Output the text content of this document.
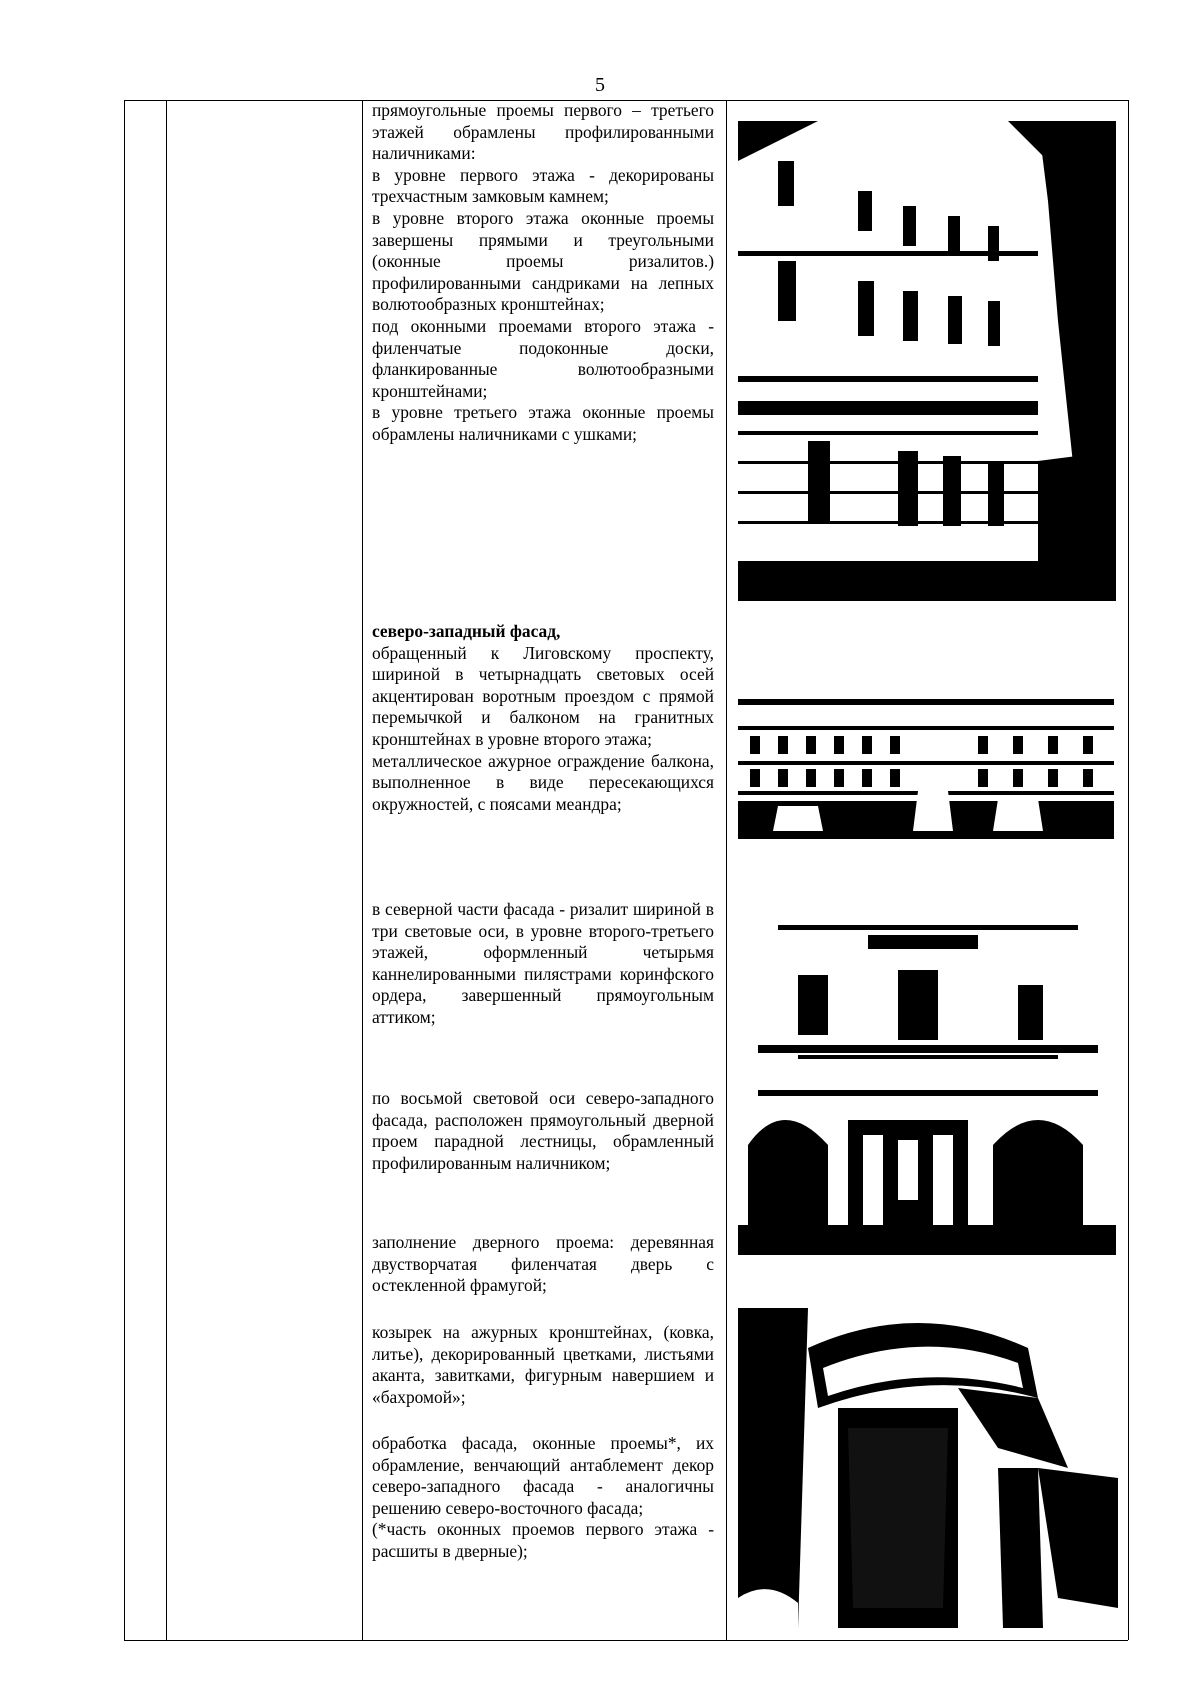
5

прямоугольные проемы первого – третьего этажей обрамлены профилированными наличниками:

в уровне первого этажа - декорированы трехчастным замковым камнем;

в уровне второго этажа оконные проемы завершены прямыми и треугольными (оконные проемы ризалитов.) профилированными сандриками на лепных волютообразных кронштейнах;

под оконными проемами второго этажа - филенчатые подоконные доски, фланкированные волютообразными кронштейнами;

в уровне третьего этажа оконные проемы обрамлены наличниками с ушками;

северо-западный фасад,

обращенный к Лиговскому проспекту, шириной в четырнадцать световых осей акцентирован воротным проездом с прямой перемычкой и балконом на гранитных кронштейнах в уровне второго этажа;

металлическое ажурное ограждение балкона, выполненное в виде пересекающихся окружностей, с поясами меандра;

в северной части фасада - ризалит шириной в три световые оси, в уровне второго-третьего этажей, оформленный четырьмя каннелированными пилястрами коринфского ордера, завершенный прямоугольным аттиком;

по восьмой световой оси северо-западного фасада, расположен прямоугольный дверной проем парадной лестницы, обрамленный профилированным наличником;

заполнение дверного проема: деревянная двустворчатая филенчатая дверь с остекленной фрамугой;

козырек на ажурных кронштейнах, (ковка, литье), декорированный цветками, листьями аканта, завитками, фигурным навершием и «бахромой»;

обработка фасада, оконные проемы*, их обрамление, венчающий антаблемент декор северо-западного фасада - аналогичны решению северо-восточного фасада;

(*часть оконных проемов первого этажа - расшиты в дверные);
